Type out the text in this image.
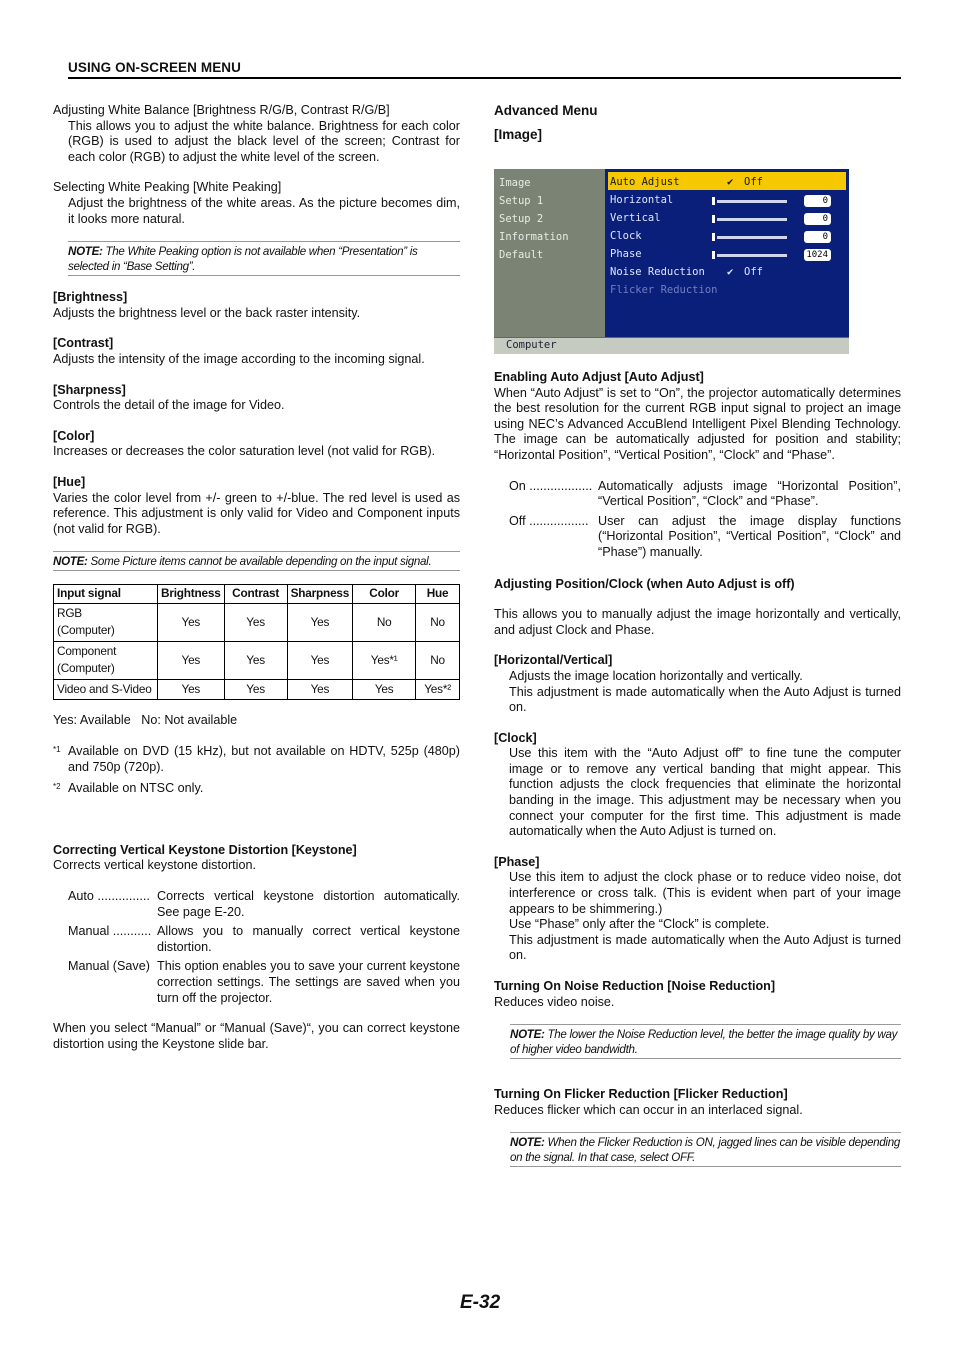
USING ON-SCREEN MENU

Adjusting White Balance [Brightness R/G/B, Contrast R/G/B]

This allows you to adjust the white balance. Brightness for each color (RGB) is used to adjust the black level of the screen; Contrast for each color (RGB) to adjust the white level of the screen.

Selecting White Peaking [White Peaking]

Adjust the brightness of the white areas. As the picture becomes dim, it looks more natural.

NOTE: The White Peaking option is not available when “Presentation” is selected in “Base Setting”.

[Brightness]

Adjusts the brightness level or the back raster intensity.

[Contrast]

Adjusts the intensity of the image according to the incoming signal.

[Sharpness]

Controls the detail of the image for Video.

[Color]

Increases or decreases the color saturation level (not valid for RGB).

[Hue]

Varies the color level from +/- green to +/-blue. The red level is used as reference. This adjustment is only valid for Video and Component inputs (not valid for RGB).

NOTE: Some Picture items cannot be available depending on the input signal.
Input signal	Brightness	Contrast	Sharpness	Color	Hue
RGB
(Computer)	Yes	Yes	Yes	No	No
Component
(Computer)	Yes	Yes	Yes	Yes*¹	No
Video and S-Video	Yes	Yes	Yes	Yes	Yes*²

Yes: Available   No: Not available

*1 Available on DVD (15 kHz), but not available on HDTV, 525p (480p) and 750p (720p).
*2 Available on NTSC only.

Correcting Vertical Keystone Distortion [Keystone]

Corrects vertical keystone distortion.

Auto ............... Corrects vertical keystone distortion automatically. See page E-20.
Manual ........... Allows you to manually correct vertical keystone distortion.
Manual (Save) This option enables you to save your current keystone correction settings. The settings are saved when you turn off the projector.

When you select “Manual” or “Manual (Save)“, you can correct keystone distortion using the Keystone slide bar.

Advanced Menu

[Image]

Image
Setup 1
Setup 2
Information
Default
Auto Adjust	✔ Off
Horizontal	0
Vertical	0
Clock	0
Phase	1024
Noise Reduction ✔ Off
Flicker Reduction
Computer

Enabling Auto Adjust [Auto Adjust]

When “Auto Adjust” is set to “On”, the projector automatically determines the best resolution for the current RGB input signal to project an image using NEC’s Advanced AccuBlend Intelligent Pixel Blending Technology. The image can be automatically adjusted for position and stability; “Horizontal Position”, “Vertical Position”, “Clock” and “Phase”.

On .................. Automatically adjusts image “Horizontal Position”, “Vertical Position”, “Clock” and “Phase”.
Off ................. User can adjust the image display functions (“Horizontal Position”, “Vertical Position”, “Clock” and “Phase”) manually.

Adjusting Position/Clock (when Auto Adjust is off)

This allows you to manually adjust the image horizontally and vertically, and adjust Clock and Phase.

[Horizontal/Vertical]

Adjusts the image location horizontally and vertically.

This adjustment is made automatically when the Auto Adjust is turned on.

[Clock]

Use this item with the “Auto Adjust off” to fine tune the computer image or to remove any vertical banding that might appear. This function adjusts the clock frequencies that eliminate the horizontal banding in the image. This adjustment may be necessary when you connect your computer for the first time. This adjustment is made automatically when the Auto Adjust is turned on.

[Phase]

Use this item to adjust the clock phase or to reduce video noise, dot interference or cross talk. (This is evident when part of your image appears to be shimmering.)

Use “Phase” only after the “Clock” is complete.

This adjustment is made automatically when the Auto Adjust is turned on.

Turning On Noise Reduction [Noise Reduction]

Reduces video noise.

NOTE: The lower the Noise Reduction level, the better the image quality by way of higher video bandwidth.

Turning On Flicker Reduction [Flicker Reduction]

Reduces flicker which can occur in an interlaced signal.

NOTE: When the Flicker Reduction is ON, jagged lines can be visible depending on the signal. In that case, select OFF.
E-32
